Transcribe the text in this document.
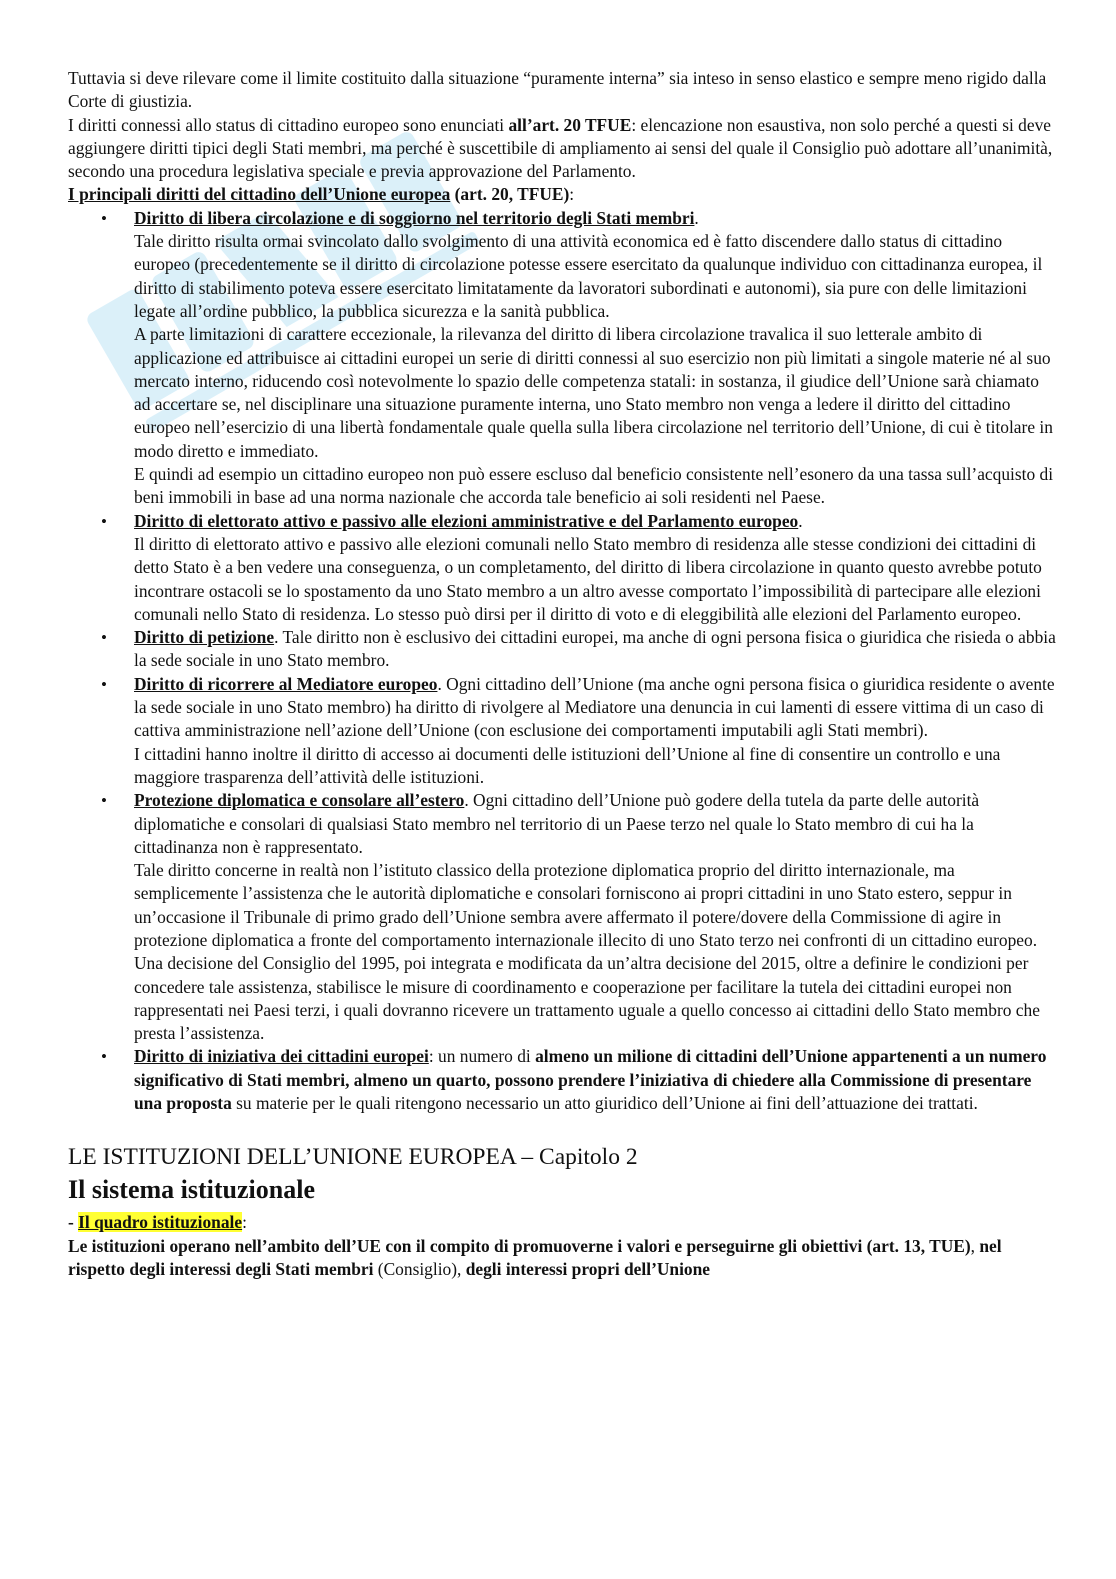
Tuttavia si deve rilevare come il limite costituito dalla situazione “puramente interna” sia inteso in senso elastico e sempre meno rigido dalla Corte di giustizia.

I diritti connessi allo status di cittadino europeo sono enunciati all’art. 20 TFUE: elencazione non esaustiva, non solo perché a questi si deve aggiungere diritti tipici degli Stati membri, ma perché è suscettibile di ampliamento ai sensi del quale il Consiglio può adottare all’unanimità, secondo una procedura legislativa speciale e previa approvazione del Parlamento.

I principali diritti del cittadino dell’Unione europea (art. 20, TFUE):

• Diritto di libera circolazione e di soggiorno nel territorio degli Stati membri.
Tale diritto risulta ormai svincolato dallo svolgimento di una attività economica ed è fatto discendere dallo status di cittadino europeo (precedentemente se il diritto di circolazione potesse essere esercitato da qualunque individuo con cittadinanza europea, il diritto di stabilimento poteva essere esercitato limitatamente da lavoratori subordinati e autonomi), sia pure con delle limitazioni legate all’ordine pubblico, la pubblica sicurezza e la sanità pubblica.
A parte limitazioni di carattere eccezionale, la rilevanza del diritto di libera circolazione travalica il suo letterale ambito di applicazione ed attribuisce ai cittadini europei un serie di diritti connessi al suo esercizio non più limitati a singole materie né al suo mercato interno, riducendo così notevolmente lo spazio delle competenza statali: in sostanza, il giudice dell’Unione sarà chiamato ad accertare se, nel disciplinare una situazione puramente interna, uno Stato membro non venga a ledere il diritto del cittadino europeo nell’esercizio di una libertà fondamentale quale quella sulla libera circolazione nel territorio dell’Unione, di cui è titolare in modo diretto e immediato.
E quindi ad esempio un cittadino europeo non può essere escluso dal beneficio consistente nell’esonero da una tassa sull’acquisto di beni immobili in base ad una norma nazionale che accorda tale beneficio ai soli residenti nel Paese.
• Diritto di elettorato attivo e passivo alle elezioni amministrative e del Parlamento europeo.
Il diritto di elettorato attivo e passivo alle elezioni comunali nello Stato membro di residenza alle stesse condizioni dei cittadini di detto Stato è a ben vedere una conseguenza, o un completamento, del diritto di libera circolazione in quanto questo avrebbe potuto incontrare ostacoli se lo spostamento da uno Stato membro a un altro avesse comportato l’impossibilità di partecipare alle elezioni comunali nello Stato di residenza. Lo stesso può dirsi per il diritto di voto e di eleggibilità alle elezioni del Parlamento europeo.
• Diritto di petizione. Tale diritto non è esclusivo dei cittadini europei, ma anche di ogni persona fisica o giuridica che risieda o abbia la sede sociale in uno Stato membro.
• Diritto di ricorrere al Mediatore europeo. Ogni cittadino dell’Unione (ma anche ogni persona fisica o giuridica residente o avente la sede sociale in uno Stato membro) ha diritto di rivolgere al Mediatore una denuncia in cui lamenti di essere vittima di un caso di cattiva amministrazione nell’azione dell’Unione (con esclusione dei comportamenti imputabili agli Stati membri).
I cittadini hanno inoltre il diritto di accesso ai documenti delle istituzioni dell’Unione al fine di consentire un controllo e una maggiore trasparenza dell’attività delle istituzioni.
• Protezione diplomatica e consolare all’estero. Ogni cittadino dell’Unione può godere della tutela da parte delle autorità diplomatiche e consolari di qualsiasi Stato membro nel territorio di un Paese terzo nel quale lo Stato membro di cui ha la cittadinanza non è rappresentato.
Tale diritto concerne in realtà non l’istituto classico della protezione diplomatica proprio del diritto internazionale, ma semplicemente l’assistenza che le autorità diplomatiche e consolari forniscono ai propri cittadini in uno Stato estero, seppur in un’occasione il Tribunale di primo grado dell’Unione sembra avere affermato il potere/dovere della Commissione di agire in protezione diplomatica a fronte del comportamento internazionale illecito di uno Stato terzo nei confronti di un cittadino europeo.
Una decisione del Consiglio del 1995, poi integrata e modificata da un’altra decisione del 2015, oltre a definire le condizioni per concedere tale assistenza, stabilisce le misure di coordinamento e cooperazione per facilitare la tutela dei cittadini europei non rappresentati nei Paesi terzi, i quali dovranno ricevere un trattamento uguale a quello concesso ai cittadini dello Stato membro che presta l’assistenza.
• Diritto di iniziativa dei cittadini europei: un numero di almeno un milione di cittadini dell’Unione appartenenti a un numero significativo di Stati membri, almeno un quarto, possono prendere l’iniziativa di chiedere alla Commissione di presentare una proposta su materie per le quali ritengono necessario un atto giuridico dell’Unione ai fini dell’attuazione dei trattati.

LE ISTITUZIONI DELL’UNIONE EUROPEA – Capitolo 2

Il sistema istituzionale

- Il quadro istituzionale:

Le istituzioni operano nell’ambito dell’UE con il compito di promuoverne i valori e perseguirne gli obiettivi (art. 13, TUE), nel rispetto degli interessi degli Stati membri (Consiglio), degli interessi propri dell’Unione
